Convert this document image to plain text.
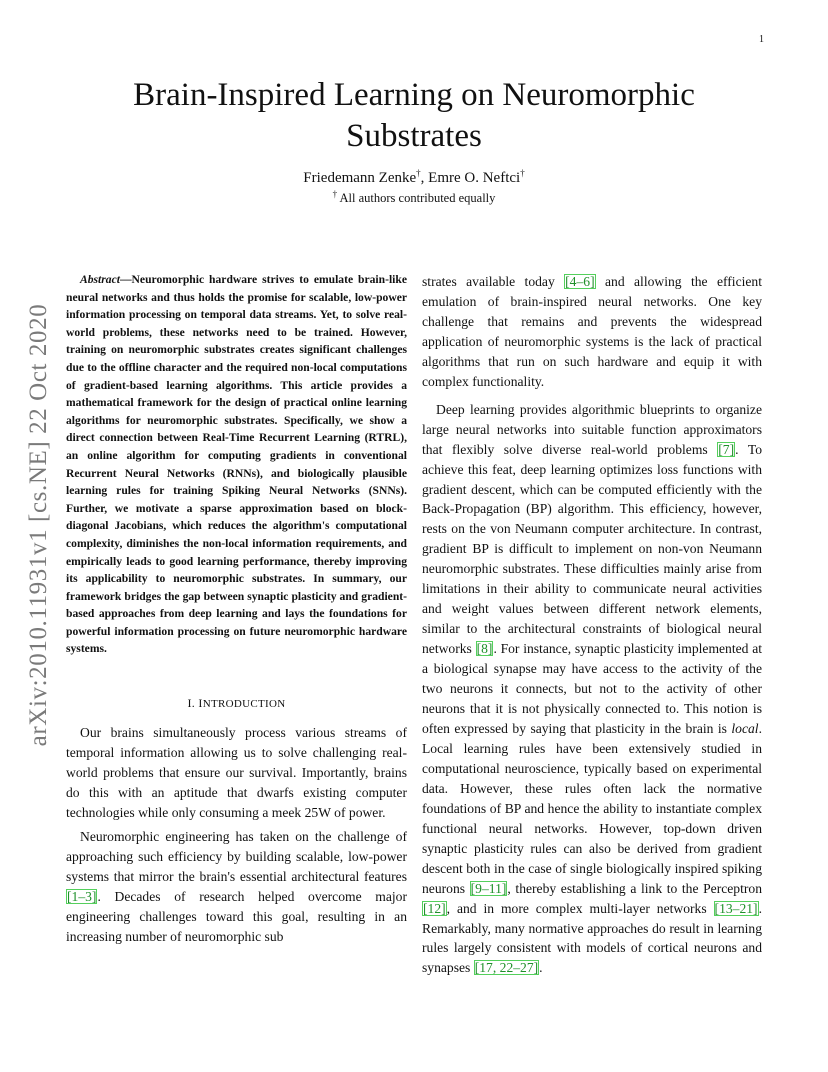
1
arXiv:2010.11931v1 [cs.NE] 22 Oct 2020
Brain-Inspired Learning on Neuromorphic
Substrates
Friedemann Zenke†, Emre O. Neftci†
† All authors contributed equally

Abstract—Neuromorphic hardware strives to emulate brain-like neural networks and thus holds the promise for scalable, low-power information processing on temporal data streams. Yet, to solve real-world problems, these networks need to be trained. However, training on neuromorphic substrates creates significant challenges due to the offline character and the required non-local computations of gradient-based learning algorithms. This article provides a mathematical framework for the design of practical online learning algorithms for neuromorphic substrates. Specifically, we show a direct connection between Real-Time Recurrent Learning (RTRL), an online algorithm for computing gradients in conventional Recurrent Neural Networks (RNNs), and biologically plausible learning rules for training Spiking Neural Networks (SNNs). Further, we motivate a sparse approximation based on block-diagonal Jacobians, which reduces the algorithm's computational complexity, diminishes the non-local information requirements, and empirically leads to good learning performance, thereby improving its applicability to neuromorphic substrates. In summary, our framework bridges the gap between synaptic plasticity and gradient-based approaches from deep learning and lays the foundations for powerful information processing on future neuromorphic hardware systems.

I. INTRODUCTION

Our brains simultaneously process various streams of temporal information allowing us to solve challenging real-world problems that ensure our survival. Importantly, brains do this with an aptitude that dwarfs existing computer technologies while only consuming a meek 25W of power.

Neuromorphic engineering has taken on the challenge of approaching such efficiency by building scalable, low-power systems that mirror the brain's essential architectural features [1–3]. Decades of research helped overcome major engineering challenges toward this goal, resulting in an increasing number of neuromorphic sub

strates available today [4–6] and allowing the efficient emulation of brain-inspired neural networks. One key challenge that remains and prevents the widespread application of neuromorphic systems is the lack of practical algorithms that run on such hardware and equip it with complex functionality.

Deep learning provides algorithmic blueprints to organize large neural networks into suitable function approximators that flexibly solve diverse real-world problems [7]. To achieve this feat, deep learning optimizes loss functions with gradient descent, which can be computed efficiently with the Back-Propagation (BP) algorithm. This efficiency, however, rests on the von Neumann computer architecture. In contrast, gradient BP is difficult to implement on non-von Neumann neuromorphic substrates. These difficulties mainly arise from limitations in their ability to communicate neural activities and weight values between different network elements, similar to the architectural constraints of biological neural networks [8]. For instance, synaptic plasticity implemented at a biological synapse may have access to the activity of the two neurons it connects, but not to the activity of other neurons that it is not physically connected to. This notion is often expressed by saying that plasticity in the brain is local. Local learning rules have been extensively studied in computational neuroscience, typically based on experimental data. However, these rules often lack the normative foundations of BP and hence the ability to instantiate complex functional neural networks. However, top-down driven synaptic plasticity rules can also be derived from gradient descent both in the case of single biologically inspired spiking neurons [9–11], thereby establishing a link to the Perceptron [12], and in more complex multi-layer networks [13–21]. Remarkably, many normative approaches do result in learning rules largely consistent with models of cortical neurons and synapses [17, 22–27].
